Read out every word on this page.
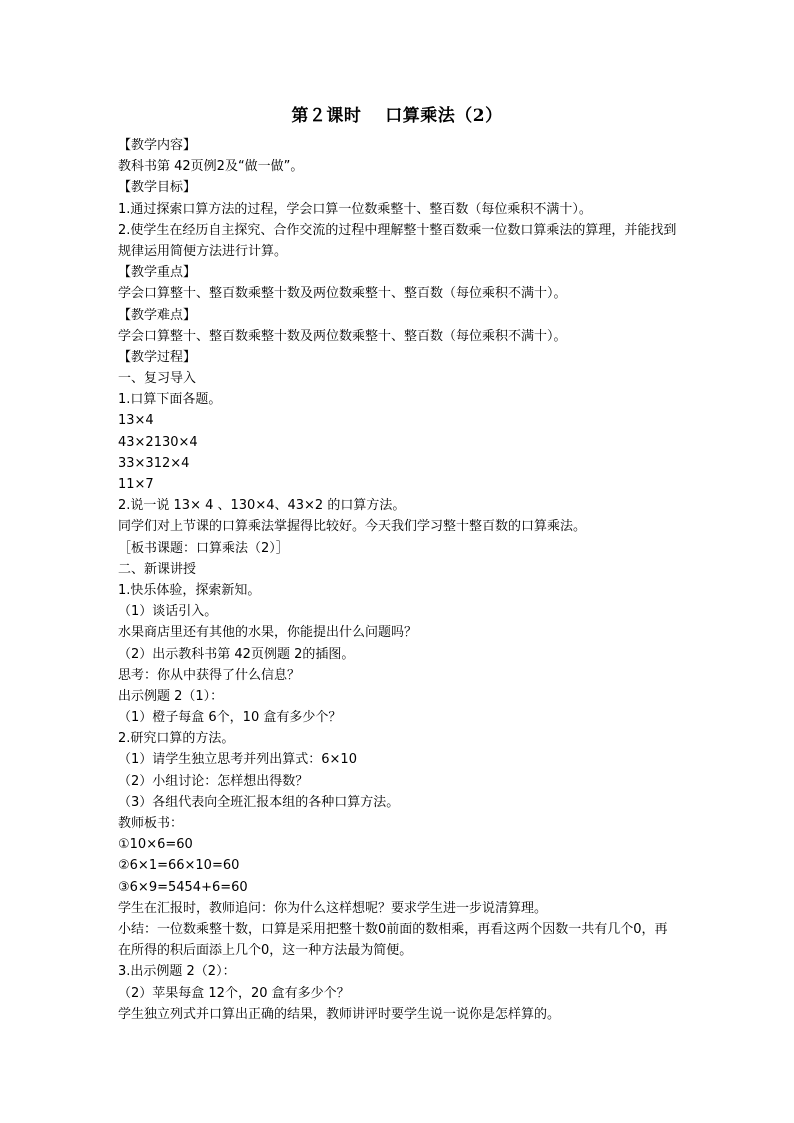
第２课时　 口算乘法（2）
【教学内容】
教科书第 42页例2及“做一做”。
【教学目标】
1.通过探索口算方法的过程，学会口算一位数乘整十、整百数（每位乘积不满十）。
2.使学生在经历自主探究、合作交流的过程中理解整十整百数乘一位数口算乘法的算理，并能找到规律运用简便方法进行计算。
【教学重点】
学会口算整十、整百数乘整十数及两位数乘整十、整百数（每位乘积不满十）。
【教学难点】
学会口算整十、整百数乘整十数及两位数乘整十、整百数（每位乘积不满十）。
【教学过程】
一、复习导入
1.口算下面各题。
13×4
43×2130×4
33×312×4
11×7
2.说一说 13× 4 、130×4、43×2 的口算方法。
同学们对上节课的口算乘法掌握得比较好。今天我们学习整十整百数的口算乘法。
［板书课题：口算乘法（2）］
二、新课讲授
1.快乐体验，探索新知。
（1）谈话引入。
水果商店里还有其他的水果，你能提出什么问题吗？
（2）出示教科书第 42页例题 2的插图。
思考：你从中获得了什么信息？
出示例题 2（1）：
（1）橙子每盒 6个，10 盒有多少个？
2.研究口算的方法。
（1）请学生独立思考并列出算式：6×10
（2）小组讨论：怎样想出得数？
（3）各组代表向全班汇报本组的各种口算方法。
教师板书：
①10×6=60
②6×1=66×10=60
③6×9=5454+6=60
学生在汇报时，教师追问：你为什么这样想呢？要求学生进一步说清算理。
小结：一位数乘整十数，口算是采用把整十数0前面的数相乘，再看这两个因数一共有几个0，再在所得的积后面添上几个0，这一种方法最为简便。
3.出示例题 2（2）：
（2）苹果每盒 12个，20 盒有多少个？
学生独立列式并口算出正确的结果，教师讲评时要学生说一说你是怎样算的。
